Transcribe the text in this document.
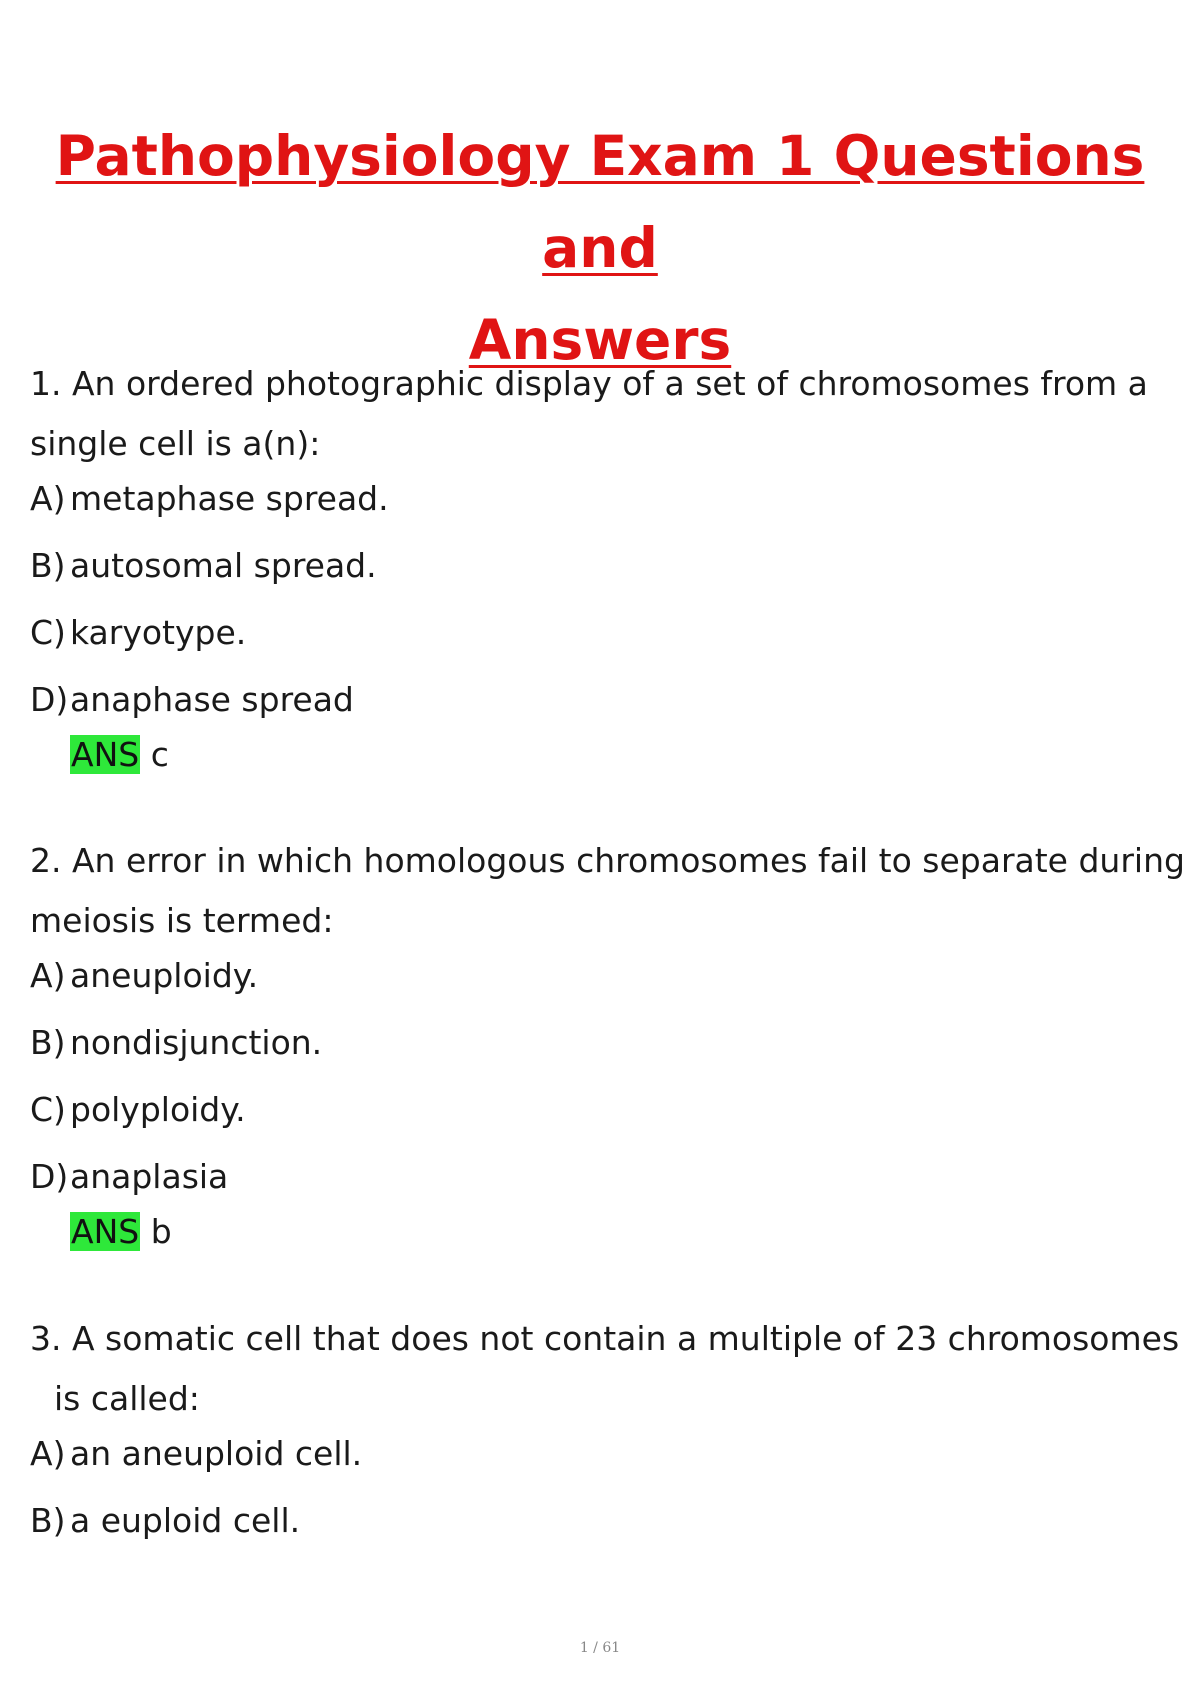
Pathophysiology Exam 1 Questions and
Answers

1. An ordered photographic display of a set of chromosomes from a
single cell is a(n):

A) metaphase spread.

B) autosomal spread.

C) karyotype.

D)anaphase spread

ANS c

2. An error in which homologous chromosomes fail to separate during
meiosis is termed:

A) aneuploidy.

B) nondisjunction.

C) polyploidy.

D)anaplasia

ANS b

3. A somatic cell that does not contain a multiple of 23 chromosomes
is called:

A) an aneuploid cell.

B) a euploid cell.

1 / 61
